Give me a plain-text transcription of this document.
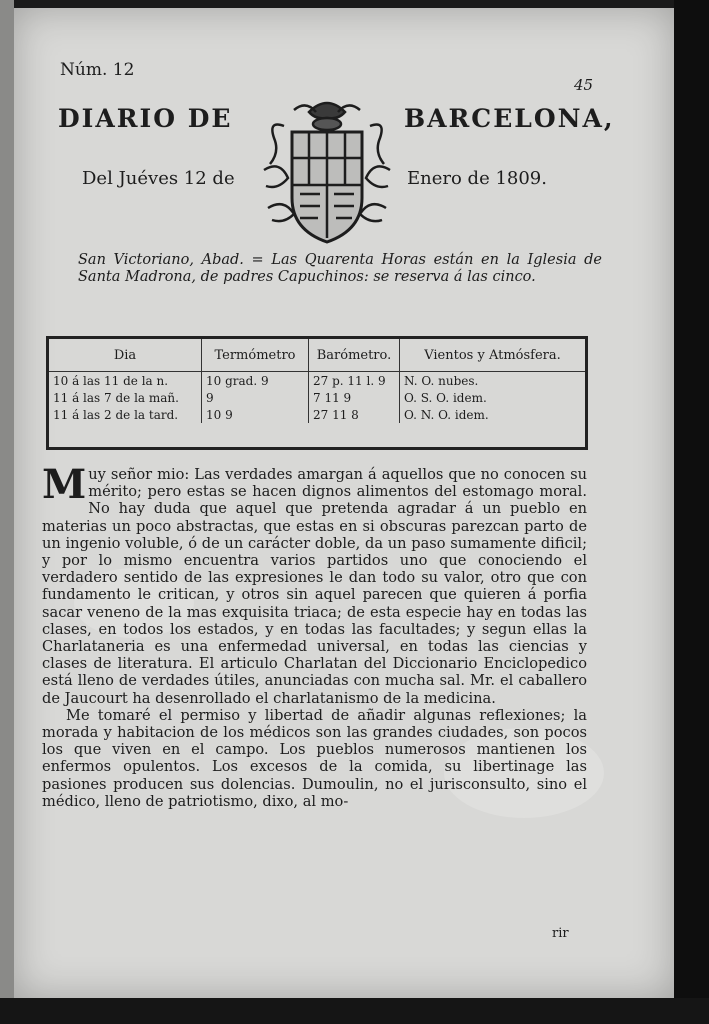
Núm. 12
45
DIARIO DE	BARCELONA,
Del Juéves 12 de	Enero de 1809.
San Victoriano, Abad. = Las Quarenta Horas están en la Iglesia de Santa Madrona, de padres Capuchinos: se reserva á las cinco.
Dia	Termómetro	Barómetro.	Vientos y Atmósfera.
10 á las 11 de la n.	10 grad. 9	27 p. 11 l. 9	N. O. nubes.
11 á las 7 de la mañ.	9	7 11 9	O. S. O. idem.
11 á las 2 de la tard.	10 9	27 11 8	O. N. O. idem.

Muy señor mio: Las verdades amargan á aquellos que no conocen su mérito; pero estas se hacen dignos alimentos del estomago moral. No hay duda que aquel que pretenda agradar á un pueblo en materias un poco abstractas, que estas en si obscuras parezcan parto de un ingenio voluble, ó de un carácter doble, da un paso sumamente dificil; y por lo mismo encuentra varios partidos uno que conociendo el verdadero sentido de las expresiones le dan todo su valor, otro que con fundamento le critican, y otros sin aquel parecen que quieren á porfia sacar veneno de la mas exquisita triaca; de esta especie hay en todas las clases, en todos los estados, y en todas las facultades; y segun ellas la Charlataneria es una enfermedad universal, en todas las ciencias y clases de literatura. El articulo Charlatan del Diccionario Enciclopedico está lleno de verdades útiles, anunciadas con mucha sal. Mr. el caballero de Jaucourt ha desenrollado el charlatanismo de la medicina.

Me tomaré el permiso y libertad de añadir algunas reflexiones; la morada y habitacion de los médicos son las grandes ciudades, son pocos los que viven en el campo. Los pueblos numerosos mantienen los enfermos opulentos. Los excesos de la comida, su libertinage las pasiones producen sus dolencias. Dumoulin, no el jurisconsulto, sino el médico, lleno de patriotismo, dixo, al mo-

rir
